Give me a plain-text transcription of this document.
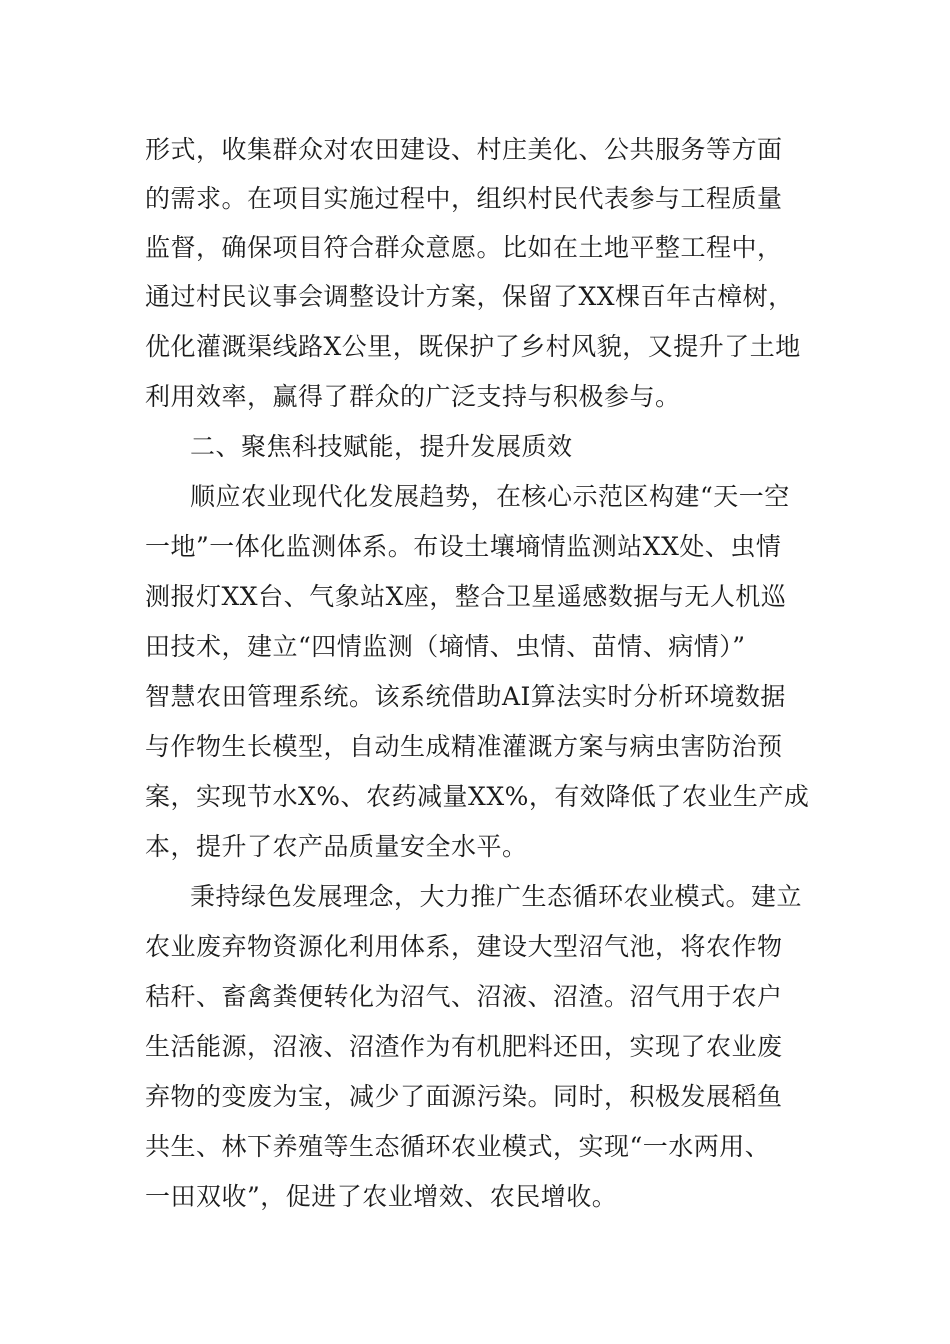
形式，收集群众对农田建设、村庄美化、公共服务等方面
的需求。在项目实施过程中，组织村民代表参与工程质量
监督，确保项目符合群众意愿。比如在土地平整工程中，
通过村民议事会调整设计方案，保留了XX棵百年古樟树，
优化灌溉渠线路X公里，既保护了乡村风貌，又提升了土地
利用效率，赢得了群众的广泛支持与积极参与。
二、聚焦科技赋能，提升发展质效
顺应农业现代化发展趋势，在核心示范区构建“天一空
一地”一体化监测体系。布设土壤墒情监测站XX处、虫情
测报灯XX台、气象站X座，整合卫星遥感数据与无人机巡
田技术，建立“四情监测（墒情、虫情、苗情、病情）”
智慧农田管理系统。该系统借助AI算法实时分析环境数据
与作物生长模型，自动生成精准灌溉方案与病虫害防治预
案，实现节水X%、农药减量XX%，有效降低了农业生产成
本，提升了农产品质量安全水平。
秉持绿色发展理念，大力推广生态循环农业模式。建立
农业废弃物资源化利用体系，建设大型沼气池，将农作物
秸秆、畜禽粪便转化为沼气、沼液、沼渣。沼气用于农户
生活能源，沼液、沼渣作为有机肥料还田，实现了农业废
弃物的变废为宝，减少了面源污染。同时，积极发展稻鱼
共生、林下养殖等生态循环农业模式，实现“一水两用、
一田双收”，促进了农业增效、农民增收。
